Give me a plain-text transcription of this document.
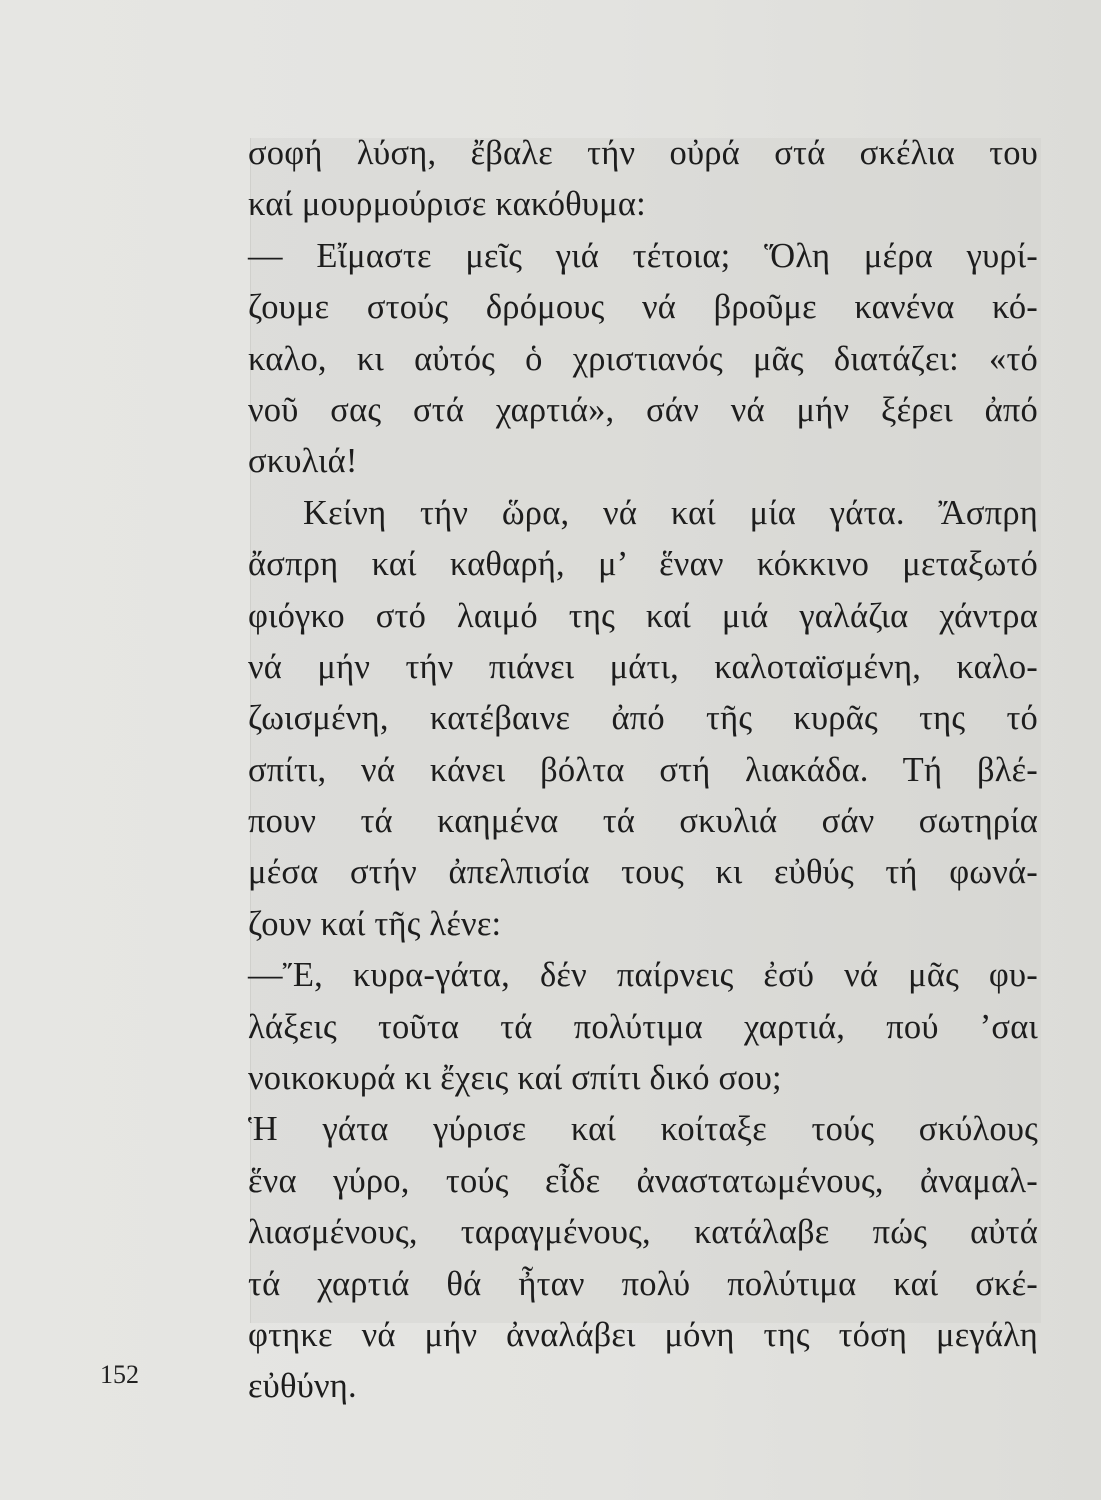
σοφή λύση, ἔβαλε τήν οὐρά στά σκέλια του
καί μουρμούρισε κακόθυμα:
— Εἴμαστε μεῖς γιά τέτοια; Ὅλη μέρα γυρί-
ζουμε στούς δρόμους νά βροῦμε κανένα κό-
καλο, κι αὐτός ὁ χριστιανός μᾶς διατάζει: «τό
νοῦ σας στά χαρτιά», σάν νά μήν ξέρει ἀπό
σκυλιά!
Κείνη τήν ὥρα, νά καί μία γάτα. Ἄσπρη
ἄσπρη καί καθαρή, μ’ ἕναν κόκκινο μεταξωτό
φιόγκο στό λαιμό της καί μιά γαλάζια χάντρα
νά μήν τήν πιάνει μάτι, καλοταϊσμένη, καλο-
ζωισμένη, κατέβαινε ἀπό τῆς κυρᾶς της τό
σπίτι, νά κάνει βόλτα στή λιακάδα. Τή βλέ-
πουν τά καημένα τά σκυλιά σάν σωτηρία
μέσα στήν ἀπελπισία τους κι εὐθύς τή φωνά-
ζουν καί τῆς λένε:
—Ἔ, κυρα-γάτα, δέν παίρνεις ἐσύ νά μᾶς φυ-
λάξεις τοῦτα τά πολύτιμα χαρτιά, πού ’σαι
νοικοκυρά κι ἔχεις καί σπίτι δικό σου;
Ἡ γάτα γύρισε καί κοίταξε τούς σκύλους
ἕνα γύρο, τούς εἶδε ἀναστατωμένους, ἀναμαλ-
λιασμένους, ταραγμένους, κατάλαβε πώς αὐτά
τά χαρτιά θά ἦταν πολύ πολύτιμα καί σκέ-
φτηκε νά μήν ἀναλάβει μόνη της τόση μεγάλη
εὐθύνη.

152
